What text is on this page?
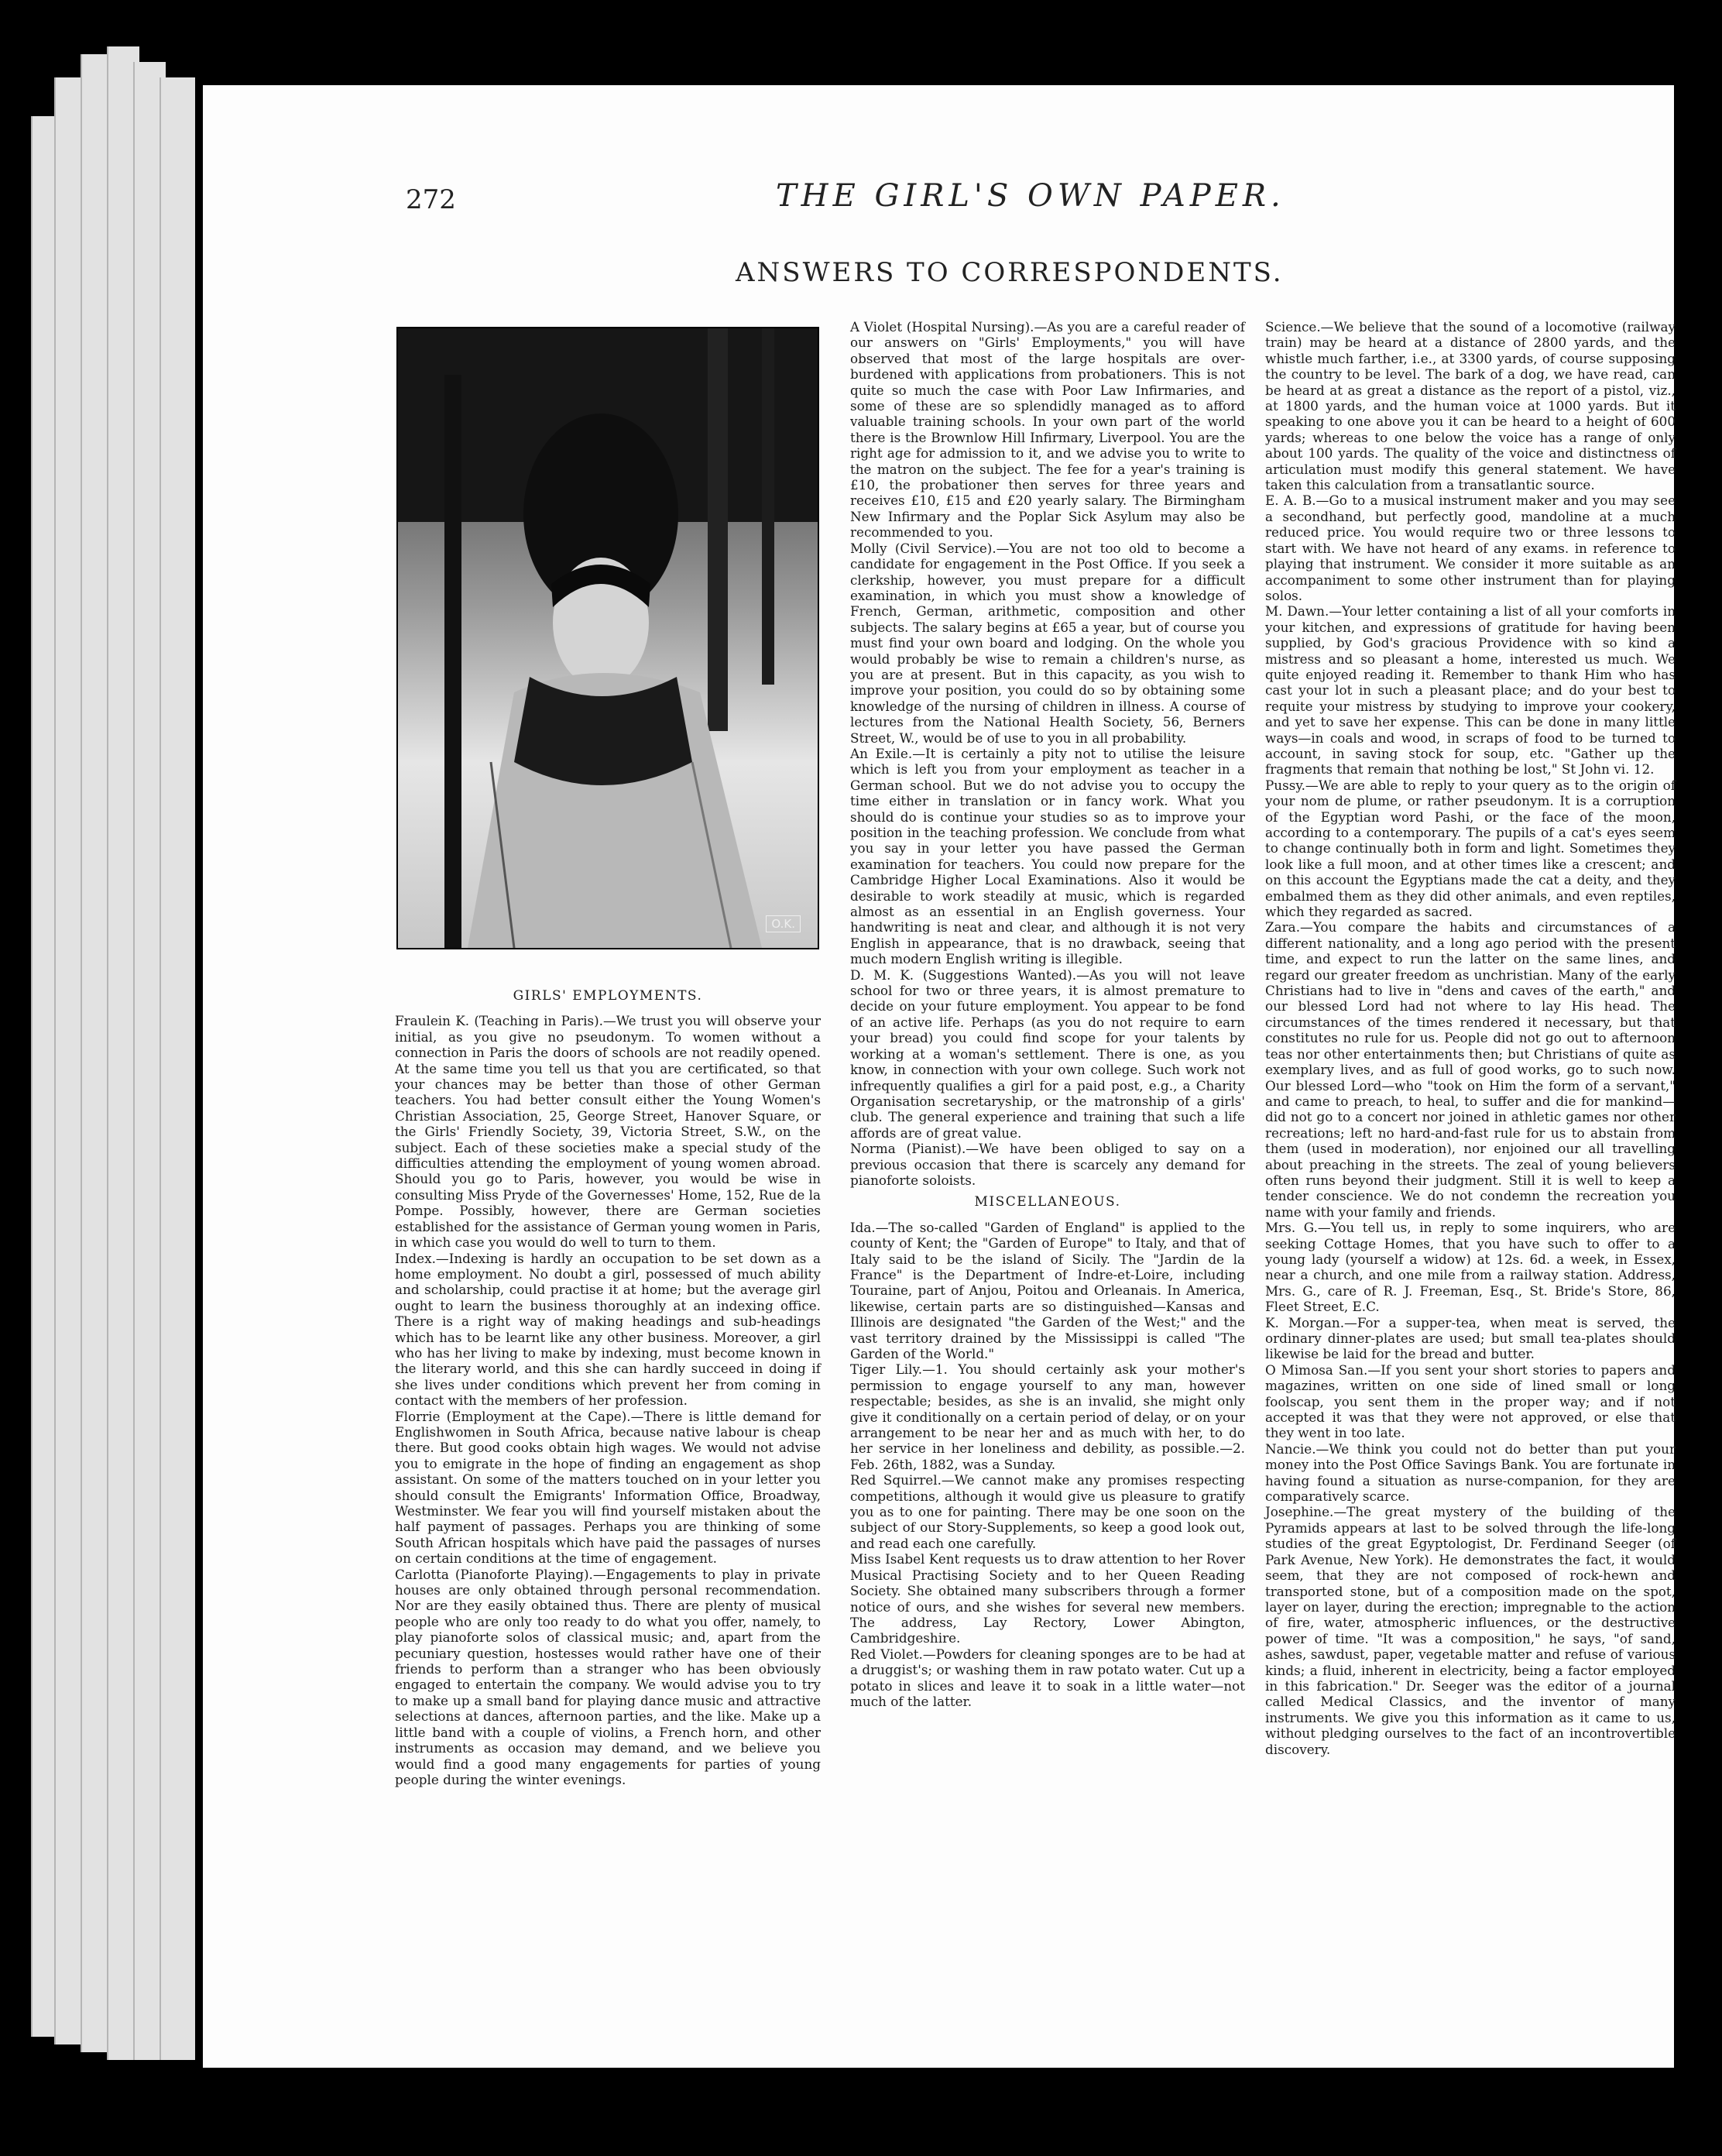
272	THE GIRL'S OWN PAPER.
ANSWERS TO CORRESPONDENTS.
O.K.

GIRLS' EMPLOYMENTS.

Fraulein K. (Teaching in Paris).—We trust you will observe your initial, as you give no pseudonym. To women without a connection in Paris the doors of schools are not readily opened. At the same time you tell us that you are certificated, so that your chances may be better than those of other German teachers. You had better consult either the Young Women's Christian Association, 25, George Street, Hanover Square, or the Girls' Friendly Society, 39, Victoria Street, S.W., on the subject. Each of these societies make a special study of the difficulties attending the employment of young women abroad. Should you go to Paris, however, you would be wise in consulting Miss Pryde of the Governesses' Home, 152, Rue de la Pompe. Possibly, however, there are German societies established for the assistance of German young women in Paris, in which case you would do well to turn to them.

Index.—Indexing is hardly an occupation to be set down as a home employment. No doubt a girl, possessed of much ability and scholarship, could practise it at home; but the average girl ought to learn the business thoroughly at an indexing office. There is a right way of making headings and sub-headings which has to be learnt like any other business. Moreover, a girl who has her living to make by indexing, must become known in the literary world, and this she can hardly succeed in doing if she lives under conditions which prevent her from coming in contact with the members of her profession.

Florrie (Employment at the Cape).—There is little demand for Englishwomen in South Africa, because native labour is cheap there. But good cooks obtain high wages. We would not advise you to emigrate in the hope of finding an engagement as shop assistant. On some of the matters touched on in your letter you should consult the Emigrants' Information Office, Broadway, Westminster. We fear you will find yourself mistaken about the half payment of passages. Perhaps you are thinking of some South African hospitals which have paid the passages of nurses on certain conditions at the time of engagement.

Carlotta (Pianoforte Playing).—Engagements to play in private houses are only obtained through personal recommendation. Nor are they easily obtained thus. There are plenty of musical people who are only too ready to do what you offer, namely, to play pianoforte solos of classical music; and, apart from the pecuniary question, hostesses would rather have one of their friends to perform than a stranger who has been obviously engaged to entertain the company. We would advise you to try to make up a small band for playing dance music and attractive selections at dances, afternoon parties, and the like. Make up a little band with a couple of violins, a French horn, and other instruments as occasion may demand, and we believe you would find a good many engagements for parties of young people during the winter evenings.

A Violet (Hospital Nursing).—As you are a careful reader of our answers on "Girls' Employments," you will have observed that most of the large hospitals are over-burdened with applications from probationers. This is not quite so much the case with Poor Law Infirmaries, and some of these are so splendidly managed as to afford valuable training schools. In your own part of the world there is the Brownlow Hill Infirmary, Liverpool. You are the right age for admission to it, and we advise you to write to the matron on the subject. The fee for a year's training is £10, the probationer then serves for three years and receives £10, £15 and £20 yearly salary. The Birmingham New Infirmary and the Poplar Sick Asylum may also be recommended to you.

Molly (Civil Service).—You are not too old to become a candidate for engagement in the Post Office. If you seek a clerkship, however, you must prepare for a difficult examination, in which you must show a knowledge of French, German, arithmetic, composition and other subjects. The salary begins at £65 a year, but of course you must find your own board and lodging. On the whole you would probably be wise to remain a children's nurse, as you are at present. But in this capacity, as you wish to improve your position, you could do so by obtaining some knowledge of the nursing of children in illness. A course of lectures from the National Health Society, 56, Berners Street, W., would be of use to you in all probability.

An Exile.—It is certainly a pity not to utilise the leisure which is left you from your employment as teacher in a German school. But we do not advise you to occupy the time either in translation or in fancy work. What you should do is continue your studies so as to improve your position in the teaching profession. We conclude from what you say in your letter you have passed the German examination for teachers. You could now prepare for the Cambridge Higher Local Examinations. Also it would be desirable to work steadily at music, which is regarded almost as an essential in an English governess. Your handwriting is neat and clear, and although it is not very English in appearance, that is no drawback, seeing that much modern English writing is illegible.

D. M. K. (Suggestions Wanted).—As you will not leave school for two or three years, it is almost premature to decide on your future employment. You appear to be fond of an active life. Perhaps (as you do not require to earn your bread) you could find scope for your talents by working at a woman's settlement. There is one, as you know, in connection with your own college. Such work not infrequently qualifies a girl for a paid post, e.g., a Charity Organisation secretaryship, or the matronship of a girls' club. The general experience and training that such a life affords are of great value.

Norma (Pianist).—We have been obliged to say on a previous occasion that there is scarcely any demand for pianoforte soloists.

MISCELLANEOUS.

Ida.—The so-called "Garden of England" is applied to the county of Kent; the "Garden of Europe" to Italy, and that of Italy said to be the island of Sicily. The "Jardin de la France" is the Department of Indre-et-Loire, including Touraine, part of Anjou, Poitou and Orleanais. In America, likewise, certain parts are so distinguished—Kansas and Illinois are designated "the Garden of the West;" and the vast territory drained by the Mississippi is called "The Garden of the World."

Tiger Lily.—1. You should certainly ask your mother's permission to engage yourself to any man, however respectable; besides, as she is an invalid, she might only give it conditionally on a certain period of delay, or on your arrangement to be near her and as much with her, to do her service in her loneliness and debility, as possible.—2. Feb. 26th, 1882, was a Sunday.

Red Squirrel.—We cannot make any promises respecting competitions, although it would give us pleasure to gratify you as to one for painting. There may be one soon on the subject of our Story-Supplements, so keep a good look out, and read each one carefully.

Miss Isabel Kent requests us to draw attention to her Rover Musical Practising Society and to her Queen Reading Society. She obtained many subscribers through a former notice of ours, and she wishes for several new members. The address, Lay Rectory, Lower Abington, Cambridgeshire.

Red Violet.—Powders for cleaning sponges are to be had at a druggist's; or washing them in raw potato water. Cut up a potato in slices and leave it to soak in a little water—not much of the latter.

Science.—We believe that the sound of a locomotive (railway train) may be heard at a distance of 2800 yards, and the whistle much farther, i.e., at 3300 yards, of course supposing the country to be level. The bark of a dog, we have read, can be heard at as great a distance as the report of a pistol, viz., at 1800 yards, and the human voice at 1000 yards. But it speaking to one above you it can be heard to a height of 600 yards; whereas to one below the voice has a range of only about 100 yards. The quality of the voice and distinctness of articulation must modify this general statement. We have taken this calculation from a transatlantic source.

E. A. B.—Go to a musical instrument maker and you may see a secondhand, but perfectly good, mandoline at a much reduced price. You would require two or three lessons to start with. We have not heard of any exams. in reference to playing that instrument. We consider it more suitable as an accompaniment to some other instrument than for playing solos.

M. Dawn.—Your letter containing a list of all your comforts in your kitchen, and expressions of gratitude for having been supplied, by God's gracious Providence with so kind a mistress and so pleasant a home, interested us much. We quite enjoyed reading it. Remember to thank Him who has cast your lot in such a pleasant place; and do your best to requite your mistress by studying to improve your cookery, and yet to save her expense. This can be done in many little ways—in coals and wood, in scraps of food to be turned to account, in saving stock for soup, etc. "Gather up the fragments that remain that nothing be lost," St John vi. 12.

Pussy.—We are able to reply to your query as to the origin of your nom de plume, or rather pseudonym. It is a corruption of the Egyptian word Pashi, or the face of the moon, according to a contemporary. The pupils of a cat's eyes seem to change continually both in form and light. Sometimes they look like a full moon, and at other times like a crescent; and on this account the Egyptians made the cat a deity, and they embalmed them as they did other animals, and even reptiles, which they regarded as sacred.

Zara.—You compare the habits and circumstances of a different nationality, and a long ago period with the present time, and expect to run the latter on the same lines, and regard our greater freedom as unchristian. Many of the early Christians had to live in "dens and caves of the earth," and our blessed Lord had not where to lay His head. The circumstances of the times rendered it necessary, but that constitutes no rule for us. People did not go out to afternoon teas nor other entertainments then; but Christians of quite as exemplary lives, and as full of good works, go to such now. Our blessed Lord—who "took on Him the form of a servant," and came to preach, to heal, to suffer and die for mankind—did not go to a concert nor joined in athletic games nor other recreations; left no hard-and-fast rule for us to abstain from them (used in moderation), nor enjoined our all travelling about preaching in the streets. The zeal of young believers often runs beyond their judgment. Still it is well to keep a tender conscience. We do not condemn the recreation you name with your family and friends.

Mrs. G.—You tell us, in reply to some inquirers, who are seeking Cottage Homes, that you have such to offer to a young lady (yourself a widow) at 12s. 6d. a week, in Essex, near a church, and one mile from a railway station. Address, Mrs. G., care of R. J. Freeman, Esq., St. Bride's Store, 86, Fleet Street, E.C.

K. Morgan.—For a supper-tea, when meat is served, the ordinary dinner-plates are used; but small tea-plates should likewise be laid for the bread and butter.

O Mimosa San.—If you sent your short stories to papers and magazines, written on one side of lined small or long foolscap, you sent them in the proper way; and if not accepted it was that they were not approved, or else that they went in too late.

Nancie.—We think you could not do better than put your money into the Post Office Savings Bank. You are fortunate in having found a situation as nurse-companion, for they are comparatively scarce.

Josephine.—The great mystery of the building of the Pyramids appears at last to be solved through the life-long studies of the great Egyptologist, Dr. Ferdinand Seeger (of Park Avenue, New York). He demonstrates the fact, it would seem, that they are not composed of rock-hewn and transported stone, but of a composition made on the spot, layer on layer, during the erection; impregnable to the action of fire, water, atmospheric influences, or the destructive power of time. "It was a composition," he says, "of sand, ashes, sawdust, paper, vegetable matter and refuse of various kinds; a fluid, inherent in electricity, being a factor employed in this fabrication." Dr. Seeger was the editor of a journal called Medical Classics, and the inventor of many instruments. We give you this information as it came to us, without pledging ourselves to the fact of an incontrovertible discovery.
